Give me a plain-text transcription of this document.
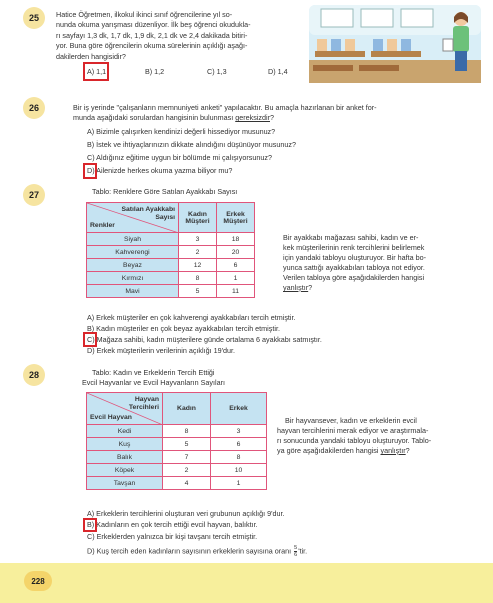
25	Hatice Öğretmen, ilkokul ikinci sınıf öğrencilerine yıl so-
nunda okuma yarışması düzenliyor. İlk beş öğrenci okudukla-
rı sayfayı 1,3 dk, 1,7 dk, 1,9 dk, 2,1 dk ve 2,4 dakikada bitiri-
yor. Buna göre öğrencilerin okuma sürelerinin açıklığı aşağı-
dakilerden hangisidir?
A) 1,1	B) 1,2	C) 1,3	D) 1,4
26	Bir iş yerinde "çalışanların memnuniyeti anketi" yapılacaktır. Bu amaçla hazırlanan bir anket for-
munda aşağıdaki sorulardan hangisinin bulunması gereksizdir?
A) Bizimle çalışırken kendinizi değerli hissediyor musunuz?
B) İstek ve ihtiyaçlarınızın dikkate alındığını düşünüyor musunuz?
C) Aldığınız eğitime uygun bir bölümde mi çalışıyorsunuz?
D) Ailenizde herkes okuma yazma biliyor mu?
27	Tablo: Renklere Göre Satılan Ayakkabı Sayısı
Satılan Ayakkabı Sayısı
Renkler	Kadın Müşteri	Erkek Müşteri
Siyah	3	18
Kahverengi	2	20
Beyaz	12	6
Kırmızı	8	1
Mavi	5	11
Bir ayakkabı mağazası sahibi, kadın ve er-
kek müşterilerinin renk tercihlerini belirlemek
için yandaki tabloyu oluşturuyor. Bir hafta bo-
yunca sattığı ayakkabıları tabloya not ediyor.
Verilen tabloya göre aşağıdakilerden hangisi
yanlıştır?
A) Erkek müşteriler en çok kahverengi ayakkabıları tercih etmiştir.
B) Kadın müşteriler en çok beyaz ayakkabıları tercih etmiştir.
C) Mağaza sahibi, kadın müşterilere günde ortalama 6 ayakkabı satmıştır.
D) Erkek müşterilerin verilerinin açıklığı 19'dur.
28	Tablo: Kadın ve Erkeklerin Tercih Ettiği
Evcil Hayvanlar ve Evcil Hayvanların Sayıları
Hayvan Tercihleri
Evcil Hayvan	Kadın	Erkek
Kedi	8	3
Kuş	5	6
Balık	7	8
Köpek	2	10
Tavşan	4	1
Bir hayvansever, kadın ve erkeklerin evcil
hayvan tercihlerini merak ediyor ve araştırmala-
rı sonucunda yandaki tabloyu oluşturuyor. Tablo-
ya göre aşağıdakilerden hangisi yanlıştır?
A) Erkeklerin tercihlerini oluşturan veri grubunun açıklığı 9'dur.
B) Kadınların en çok tercih ettiği evcil hayvan, balıktır.
C) Erkeklerden yalnızca bir kişi tavşanı tercih etmiştir.
D) Kuş tercih eden kadınların sayısının erkeklerin sayısına oranı $\frac{5}{6}$ 'tir.
228
